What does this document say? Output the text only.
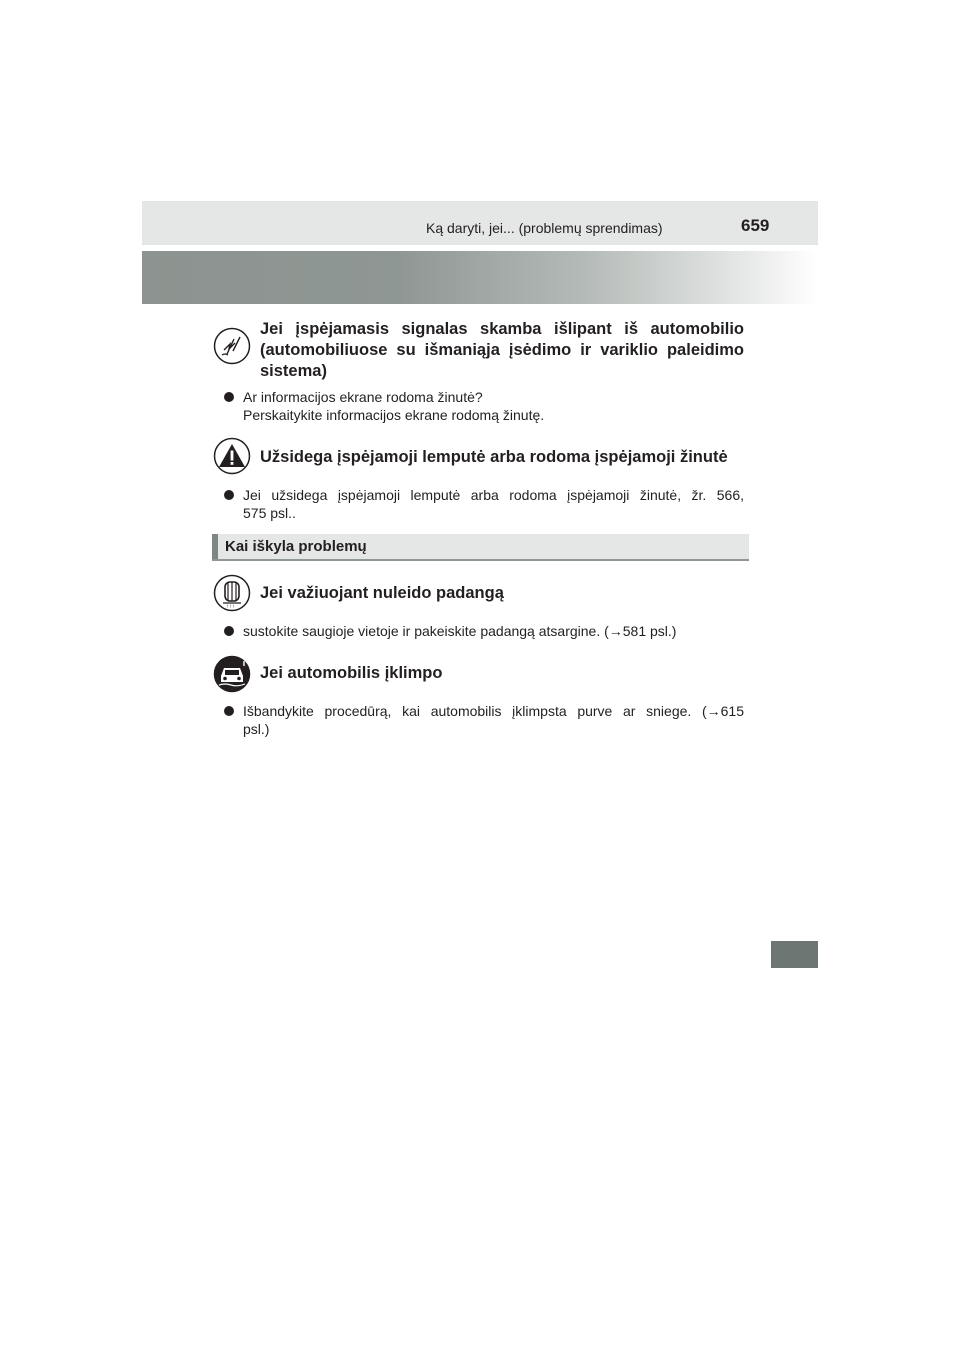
Ką daryti, jei... (problemų sprendimas)	659
Jei įspėjamasis signalas skamba išlipant iš automobilio
(automobiliuose su išmaniąja įsėdimo ir variklio paleidimo
sistema)
Ar informacijos ekrane rodoma žinutė?
Perskaitykite informacijos ekrane rodomą žinutę.
Užsidega įspėjamoji lemputė arba rodoma įspėjamoji žinutė
Jei užsidega įspėjamoji lemputė arba rodoma įspėjamoji žinutė, žr. 566,
575 psl..
Kai iškyla problemų
! ! !
Jei važiuojant nuleido padangą
sustokite saugioje vietoje ir pakeiskite padangą atsargine. (→581 psl.)
Jei automobilis įklimpo
Išbandykite procedūrą, kai automobilis įklimpsta purve ar sniege. (→615
psl.)
